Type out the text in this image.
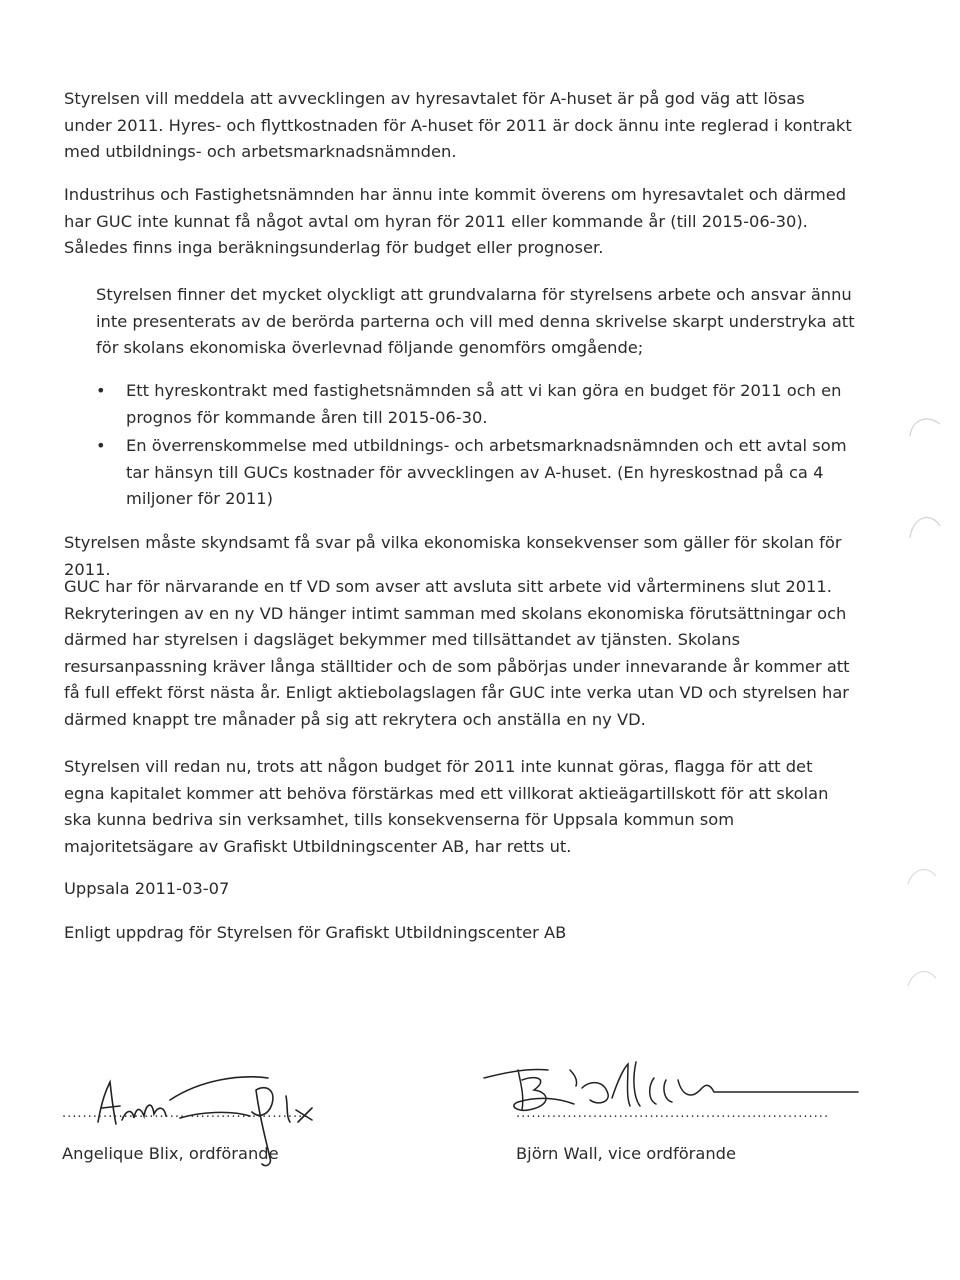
Styrelsen vill meddela att avvecklingen av hyresavtalet för A-huset är på god väg att lösas under 2011. Hyres- och flyttkostnaden för A-huset för 2011 är dock ännu inte reglerad i kontrakt med utbildnings- och arbetsmarknadsnämnden.

Industrihus och Fastighetsnämnden har ännu inte kommit överens om hyresavtalet och därmed har GUC inte kunnat få något avtal om hyran för 2011 eller kommande år (till 2015-06-30). Således finns inga beräkningsunderlag för budget eller prognoser.

Styrelsen finner det mycket olyckligt att grundvalarna för styrelsens arbete och ansvar ännu inte presenterats av de berörda parterna och vill med denna skrivelse skarpt understryka att för skolans ekonomiska överlevnad följande genomförs omgående;

• Ett hyreskontrakt med fastighetsnämnden så att vi kan göra en budget för 2011 och en prognos för kommande åren till 2015-06-30.
• En överrenskommelse med utbildnings- och arbetsmarknadsnämnden och ett avtal som tar hänsyn till GUCs kostnader för avvecklingen av A-huset. (En hyreskostnad på ca 4 miljoner för 2011)

Styrelsen måste skyndsamt få svar på vilka ekonomiska konsekvenser som gäller för skolan för 2011.

GUC har för närvarande en tf VD som avser att avsluta sitt arbete vid vårterminens slut 2011. Rekryteringen av en ny VD hänger intimt samman med skolans ekonomiska förutsättningar och därmed har styrelsen i dagsläget bekymmer med tillsättandet av tjänsten. Skolans resursanpassning kräver långa ställtider och de som påbörjas under innevarande år kommer att få full effekt först nästa år. Enligt aktiebolagslagen får GUC inte verka utan VD och styrelsen har därmed knappt tre månader på sig att rekrytera och anställa en ny VD.

Styrelsen vill redan nu, trots att någon budget för 2011 inte kunnat göras, flagga för att det egna kapitalet kommer att behöva förstärkas med ett villkorat aktieägartillskott för att skolan ska kunna bedriva sin verksamhet, tills konsekvenserna för Uppsala kommun som majoritetsägare av Grafiskt Utbildningscenter AB, har retts ut.

Uppsala 2011-03-07

Enligt uppdrag för Styrelsen för Grafiskt Utbildningscenter AB

................................................
Angelique Blix, ordförande
.............................................................
Björn Wall, vice ordförande
